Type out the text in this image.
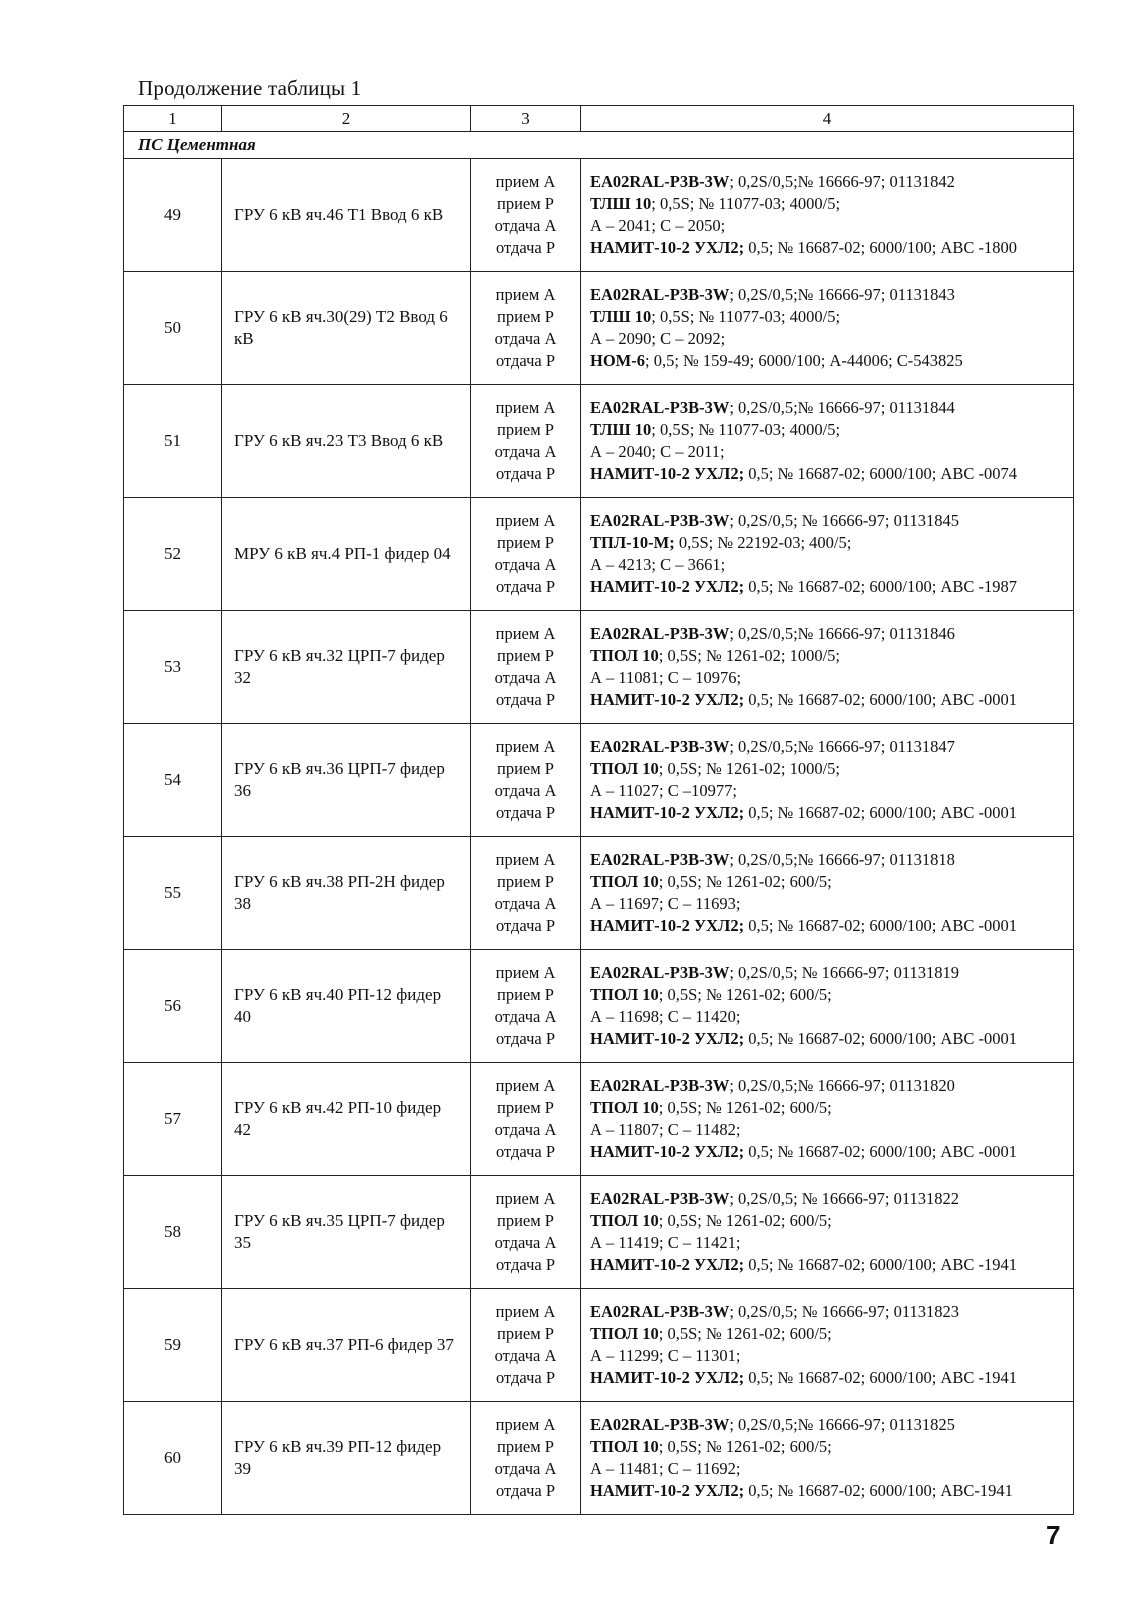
Продолжение таблицы 1
1	2	3	4
ПС Цементная			
49	ГРУ 6 кВ яч.46 Т1 Ввод 6 кВ	прием А
прием Р
отдача А
отдача Р	ЕА02RAL-Р3В-3W; 0,2S/0,5;№ 16666-97; 01131842
ТЛШ 10; 0,5S; № 11077-03; 4000/5;
А – 2041; С – 2050;
НАМИТ-10-2 УХЛ2; 0,5; № 16687-02; 6000/100; АВС -1800

50	ГРУ 6 кВ яч.30(29) Т2 Ввод 6 кВ	прием А
прием Р
отдача А
отдача Р	ЕА02RAL-Р3В-3W; 0,2S/0,5;№ 16666-97; 01131843
ТЛШ 10; 0,5S; № 11077-03; 4000/5;
А – 2090; С – 2092;
НОМ-6; 0,5; № 159-49; 6000/100; А-44006; С-543825

51	ГРУ 6 кВ яч.23 Т3 Ввод 6 кВ	прием А
прием Р
отдача А
отдача Р	ЕА02RAL-Р3В-3W; 0,2S/0,5;№ 16666-97; 01131844
ТЛШ 10; 0,5S; № 11077-03; 4000/5;
А – 2040; С – 2011;
НАМИТ-10-2 УХЛ2; 0,5; № 16687-02; 6000/100; АВС -0074

52	МРУ 6 кВ яч.4 РП-1 фидер 04	прием А
прием Р
отдача А
отдача Р	ЕА02RAL-Р3В-3W; 0,2S/0,5; № 16666-97; 01131845
ТПЛ-10-М; 0,5S; № 22192-03; 400/5;
А – 4213; С – 3661;
НАМИТ-10-2 УХЛ2; 0,5; № 16687-02; 6000/100; АВС -1987

53	ГРУ 6 кВ яч.32 ЦРП-7 фидер 32	прием А
прием Р
отдача А
отдача Р	ЕА02RAL-Р3В-3W; 0,2S/0,5;№ 16666-97; 01131846
ТПОЛ 10; 0,5S; № 1261-02; 1000/5;
А – 11081; С – 10976;
НАМИТ-10-2 УХЛ2; 0,5; № 16687-02; 6000/100; АВС -0001

54	ГРУ 6 кВ яч.36 ЦРП-7 фидер 36	прием А
прием Р
отдача А
отдача Р	ЕА02RAL-Р3В-3W; 0,2S/0,5;№ 16666-97; 01131847
ТПОЛ 10; 0,5S; № 1261-02; 1000/5;
А – 11027; С –10977;
НАМИТ-10-2 УХЛ2; 0,5; № 16687-02; 6000/100; АВС -0001

55	ГРУ 6 кВ яч.38 РП-2Н фидер 38	прием А
прием Р
отдача А
отдача Р	ЕА02RAL-Р3В-3W; 0,2S/0,5;№ 16666-97; 01131818
ТПОЛ 10; 0,5S; № 1261-02; 600/5;
А – 11697; С – 11693;
НАМИТ-10-2 УХЛ2; 0,5; № 16687-02; 6000/100; АВС -0001

56	ГРУ 6 кВ яч.40 РП-12 фидер 40	прием А
прием Р
отдача А
отдача Р	ЕА02RAL-Р3В-3W; 0,2S/0,5; № 16666-97; 01131819
ТПОЛ 10; 0,5S; № 1261-02; 600/5;
А – 11698; С – 11420;
НАМИТ-10-2 УХЛ2; 0,5; № 16687-02; 6000/100; АВС -0001

57	ГРУ 6 кВ яч.42 РП-10 фидер 42	прием А
прием Р
отдача А
отдача Р	ЕА02RAL-Р3В-3W; 0,2S/0,5;№ 16666-97; 01131820
ТПОЛ 10; 0,5S; № 1261-02; 600/5;
А – 11807; С – 11482;
НАМИТ-10-2 УХЛ2; 0,5; № 16687-02; 6000/100; АВС -0001

58	ГРУ 6 кВ яч.35 ЦРП-7 фидер 35	прием А
прием Р
отдача А
отдача Р	ЕА02RAL-Р3В-3W; 0,2S/0,5; № 16666-97; 01131822
ТПОЛ 10; 0,5S; № 1261-02; 600/5;
А – 11419; С – 11421;
НАМИТ-10-2 УХЛ2; 0,5; № 16687-02; 6000/100; АВС -1941

59	ГРУ 6 кВ яч.37 РП-6 фидер 37	прием А
прием Р
отдача А
отдача Р	ЕА02RAL-Р3В-3W; 0,2S/0,5; № 16666-97; 01131823
ТПОЛ 10; 0,5S; № 1261-02; 600/5;
А – 11299; С – 11301;
НАМИТ-10-2 УХЛ2; 0,5; № 16687-02; 6000/100; АВС -1941

60	ГРУ 6 кВ яч.39 РП-12 фидер 39	прием А
прием Р
отдача А
отдача Р	ЕА02RAL-Р3В-3W; 0,2S/0,5;№ 16666-97; 01131825
ТПОЛ 10; 0,5S; № 1261-02; 600/5;
А – 11481; С – 11692;
НАМИТ-10-2 УХЛ2; 0,5; № 16687-02; 6000/100; АВС-1941
7
